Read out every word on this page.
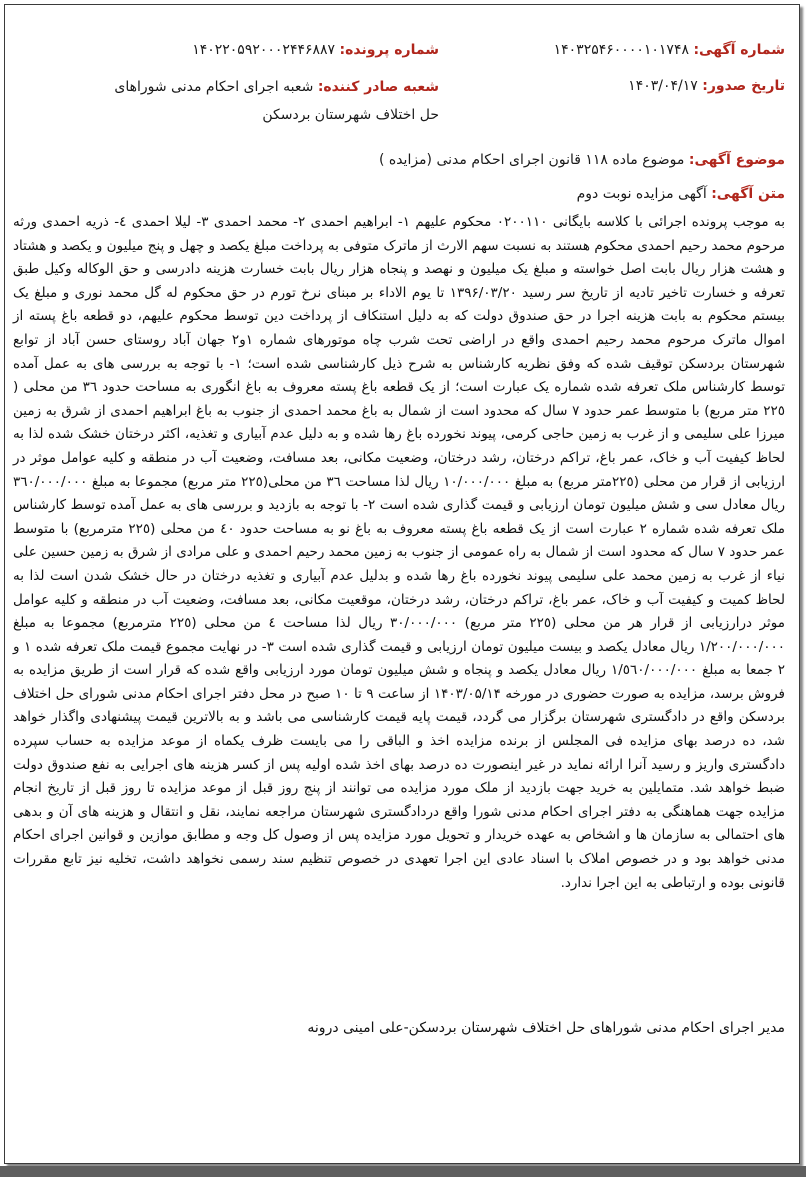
شماره آگهی: ۱۴۰۳۲۵۴۶۰۰۰۰۱۰۱۷۴۸
شماره پرونده: ۱۴۰۲۲۰۵۹۲۰۰۰۲۴۴۶۸۸۷
تاریخ صدور: ۱۴۰۳/۰۴/۱۷
شعبه صادر کننده: شعبه اجرای احکام مدنی شوراهای حل اختلاف شهرستان بردسکن
موضوع آگهی: موضوع ماده ۱۱۸ قانون اجرای احکام مدنی (مزایده )
متن آگهی: آگهی مزایده نوبت دوم
به موجب پرونده اجرائی با کلاسه بایگانی ۰۲۰۰۱۱۰ محکوم علیهم ۱- ابراهیم احمدی ۲- محمد احمدی ۳- لیلا احمدی ٤- ذریه احمدی ورثه مرحوم محمد رحیم احمدی محکوم هستند به نسبت سهم الارث از ماترک متوفی به پرداخت مبلغ یکصد و چهل و پنج میلیون و یکصد و هشتاد و هشت هزار ریال بابت اصل خواسته و مبلغ یک میلیون و نهصد و پنجاه هزار ریال بابت خسارت هزینه دادرسی و حق الوکاله وکیل طبق تعرفه و خسارت تاخیر تادیه از تاریخ سر رسید ۱۳۹۶/۰۳/۲۰ تا یوم الاداء بر مبنای نرخ تورم در حق محکوم له گل محمد نوری و مبلغ یک بیستم محکوم به بابت هزینه اجرا در حق صندوق دولت که به دلیل استنکاف از پرداخت دین توسط محکوم علیهم، دو قطعه باغ پسته از اموال ماترک مرحوم محمد رحیم احمدی واقع در اراضی تحت شرب چاه موتورهای شماره ۱و۲ جهان آباد روستای حسن آباد از توابع شهرستان بردسکن توقیف شده که وفق نظریه کارشناس به شرح ذیل کارشناسی شده است؛ ۱- با توجه به بررسی های به عمل آمده توسط کارشناس ملک تعرفه شده شماره یک عبارت است؛ از یک قطعه باغ پسته معروف به باغ انگوری به مساحت حدود ٣٦ من محلی ( ٢٢٥ متر مربع) با متوسط عمر حدود ۷ سال که محدود است از شمال به باغ محمد احمدی از جنوب به باغ ابراهیم احمدی از شرق به زمین میرزا علی سلیمی و از غرب به زمین حاجی کرمی، پیوند نخورده باغ رها شده و به دلیل عدم آبیاری و تغذیه، اکثر درختان خشک شده لذا به لحاظ کیفیت آب و خاک، عمر باغ، تراکم درختان، رشد درختان، وضعیت مکانی، بعد مسافت، وضعیت آب در منطقه و کلیه عوامل موثر در ارزیابی از قرار من محلی (٢٢٥متر مربع) به مبلغ ۱۰/۰۰۰/۰۰۰ ریال لذا مساحت ٣٦ من محلی(٢٢٥ متر مربع) مجموعا به مبلغ ٣٦٠/٠٠٠/٠٠٠ ریال معادل سی و شش میلیون تومان ارزیابی و قیمت گذاری شده است ۲- با توجه به بازدید و بررسی های به عمل آمده توسط کارشناس ملک تعرفه شده شماره ۲ عبارت است از یک قطعه باغ پسته معروف به باغ نو به مساحت حدود ٤٠ من محلی (٢٢٥ مترمربع) با متوسط عمر حدود ۷ سال که محدود است از شمال به راه عمومی از جنوب به زمین محمد رحیم احمدی و علی مرادی از شرق به زمین حسین علی نیاء از غرب به زمین محمد علی سلیمی پیوند نخورده باغ رها شده و بدلیل عدم آبیاری و تغذیه درختان در حال خشک شدن است لذا به لحاظ کمیت و کیفیت آب و خاک، عمر باغ، تراکم درختان، رشد درختان، موقعیت مکانی، بعد مسافت، وضعیت آب در منطقه و کلیه عوامل موثر درارزیابی از قرار هر من محلی (٢٢٥ متر مربع) ٣٠/٠٠٠/٠٠٠ ریال لذا مساحت ٤ من محلی (٢٢٥ مترمربع) مجموعا به مبلغ ١/٢٠٠/٠٠٠/٠٠٠ ریال معادل یکصد و بیست میلیون تومان ارزیابی و قیمت گذاری شده است ۳- در نهایت مجموع قیمت ملک تعرفه شده ۱ و ۲ جمعا به مبلغ ١/٥٦٠/٠٠٠/٠٠٠ ریال معادل یکصد و پنجاه و شش میلیون تومان مورد ارزیابی واقع شده که قرار است از طریق مزایده به فروش برسد، مزایده به صورت حضوری در مورخه ۱۴۰۳/۰۵/۱۴ از ساعت ۹ تا ۱۰ صبح در محل دفتر اجرای احکام مدنی شورای حل اختلاف بردسکن واقع در دادگستری شهرستان برگزار می گردد، قیمت پایه قیمت کارشناسی می باشد و به بالاترین قیمت پیشنهادی واگذار خواهد شد، ده درصد بهای مزایده فی المجلس از برنده مزایده اخذ و الباقی را می بایست ظرف یکماه از موعد مزایده به حساب سپرده دادگستری واریز و رسید آنرا ارائه نماید در غیر اینصورت ده درصد بهای اخذ شده اولیه پس از کسر هزینه های اجرایی به نفع صندوق دولت ضبط خواهد شد. متمایلین به خرید جهت بازدید از ملک مورد مزایده می توانند از پنج روز قبل از موعد مزایده تا روز قبل از تاریخ انجام مزایده جهت هماهنگی به دفتر اجرای احکام مدنی شورا واقع دردادگستری شهرستان مراجعه نمایند، نقل و انتقال و هزینه های آن و بدهی های احتمالی به سازمان ها و اشخاص به عهده خریدار و تحویل مورد مزایده پس از وصول کل وجه و مطابق موازین و قوانین اجرای احکام مدنی خواهد بود و در خصوص املاک با اسناد عادی این اجرا تعهدی در خصوص تنظیم سند رسمی نخواهد داشت، تخلیه نیز تابع مقررات قانونی بوده و ارتباطی به این اجرا ندارد.
مدیر اجرای احکام مدنی شوراهای حل اختلاف شهرستان بردسکن-علی امینی درونه
